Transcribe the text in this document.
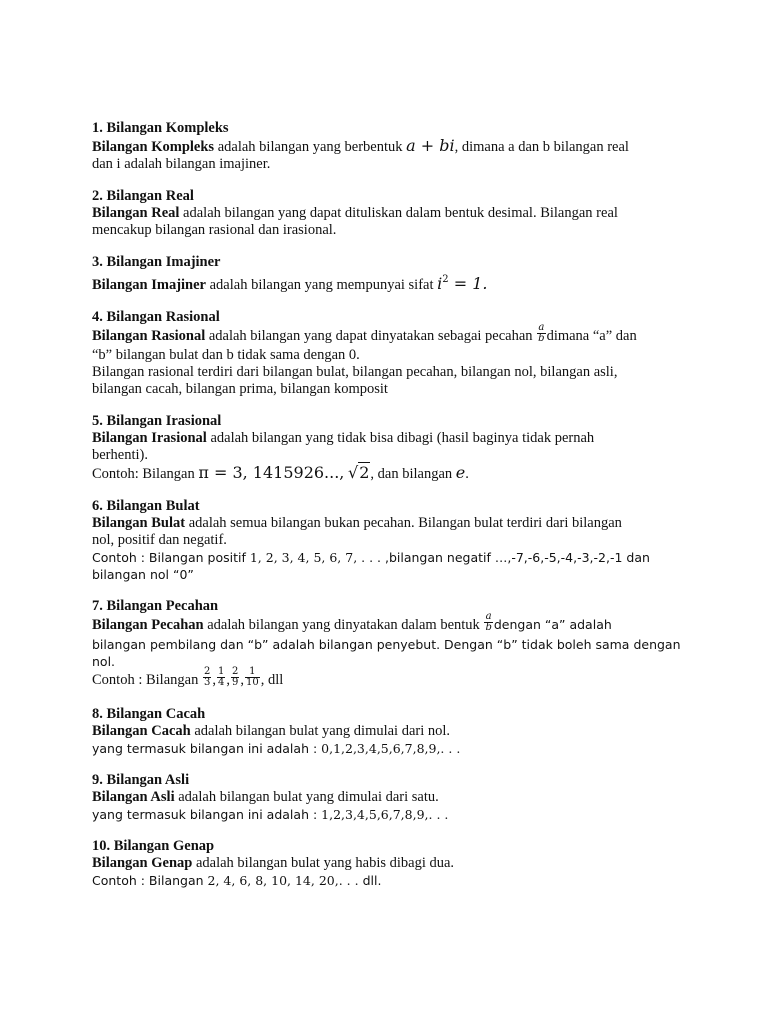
1. Bilangan Kompleks

Bilangan Kompleks adalah bilangan yang berbentuk a + bi, dimana a dan b bilangan real

dan i adalah bilangan imajiner.

2. Bilangan Real

Bilangan Real adalah bilangan yang dapat dituliskan dalam bentuk desimal. Bilangan real

mencakup bilangan rasional dan irasional.

3. Bilangan Imajiner

Bilangan Imajiner adalah bilangan yang mempunyai sifat $i^2 = 1$.

4. Bilangan Rasional

Bilangan Rasional adalah bilangan yang dapat dinyatakan sebagai pecahan $\frac{a}{b}$ dimana “a” dan

“b” bilangan bulat dan b tidak sama dengan 0.

Bilangan rasional terdiri dari bilangan bulat, bilangan pecahan, bilangan nol, bilangan asli,

bilangan cacah, bilangan prima, bilangan komposit

5. Bilangan Irasional

Bilangan Irasional adalah bilangan yang tidak bisa dibagi (hasil baginya tidak pernah

berhenti).

Contoh: Bilangan π = 3, 1415926..., √2, dan bilangan e.

6. Bilangan Bulat

Bilangan Bulat adalah semua bilangan bukan pecahan. Bilangan bulat terdiri dari bilangan

nol, positif dan negatif.

Contoh : Bilangan positif 1, 2, 3, 4, 5, 6, 7, . . . ,bilangan negatif …,-7,-6,-5,-4,-3,-2,-1 dan

bilangan nol “0”

7. Bilangan Pecahan

Bilangan Pecahan adalah bilangan yang dinyatakan dalam bentuk $\frac{a}{b}$ dengan “a” adalah

bilangan pembilang dan “b” adalah bilangan penyebut. Dengan “b” tidak boleh sama dengan

nol.

Contoh : Bilangan $\frac{2}{3}$ , $\frac{1}{4}$ , $\frac{2}{9}$ , $\frac{1}{10}$ , dll

8. Bilangan Cacah

Bilangan Cacah adalah bilangan bulat yang dimulai dari nol.

yang termasuk bilangan ini adalah : 0,1,2,3,4,5,6,7,8,9,. . .

9. Bilangan Asli

Bilangan Asli adalah bilangan bulat yang dimulai dari satu.

yang termasuk bilangan ini adalah : 1,2,3,4,5,6,7,8,9,. . .

10. Bilangan Genap

Bilangan Genap adalah bilangan bulat yang habis dibagi dua.

Contoh : Bilangan 2, 4, 6, 8, 10, 14, 20,. . . dll.
